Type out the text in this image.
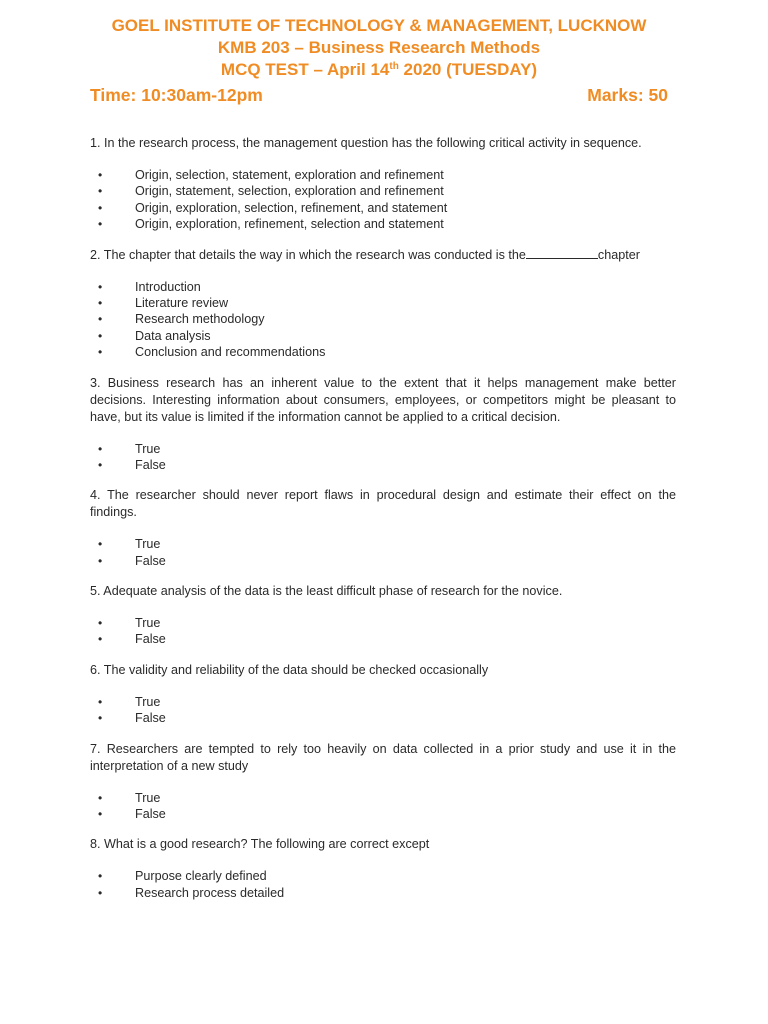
GOEL INSTITUTE OF TECHNOLOGY & MANAGEMENT, LUCKNOW
KMB 203 – Business Research Methods
MCQ TEST – April 14th 2020 (TUESDAY)
Time: 10:30am-12pm	Marks: 50

1. In the research process, the management question has the following critical activity in sequence.

• Origin, selection, statement, exploration and refinement
• Origin, statement, selection, exploration and refinement
• Origin, exploration, selection, refinement, and statement
• Origin, exploration, refinement, selection and statement

2. The chapter that details the way in which the research was conducted is the	chapter

• Introduction
• Literature review
• Research methodology
• Data analysis
• Conclusion and recommendations

3. Business research has an inherent value to the extent that it helps management make better decisions. Interesting information about consumers, employees, or competitors might be pleasant to have, but its value is limited if the information cannot be applied to a critical decision.

• True
• False

4. The researcher should never report flaws in procedural design and estimate their effect on the findings.

• True
• False

5. Adequate analysis of the data is the least difficult phase of research for the novice.

• True
• False

6. The validity and reliability of the data should be checked occasionally

• True
• False

7. Researchers are tempted to rely too heavily on data collected in a prior study and use it in the interpretation of a new study

• True
• False

8. What is a good research? The following are correct except

• Purpose clearly defined
• Research process detailed
